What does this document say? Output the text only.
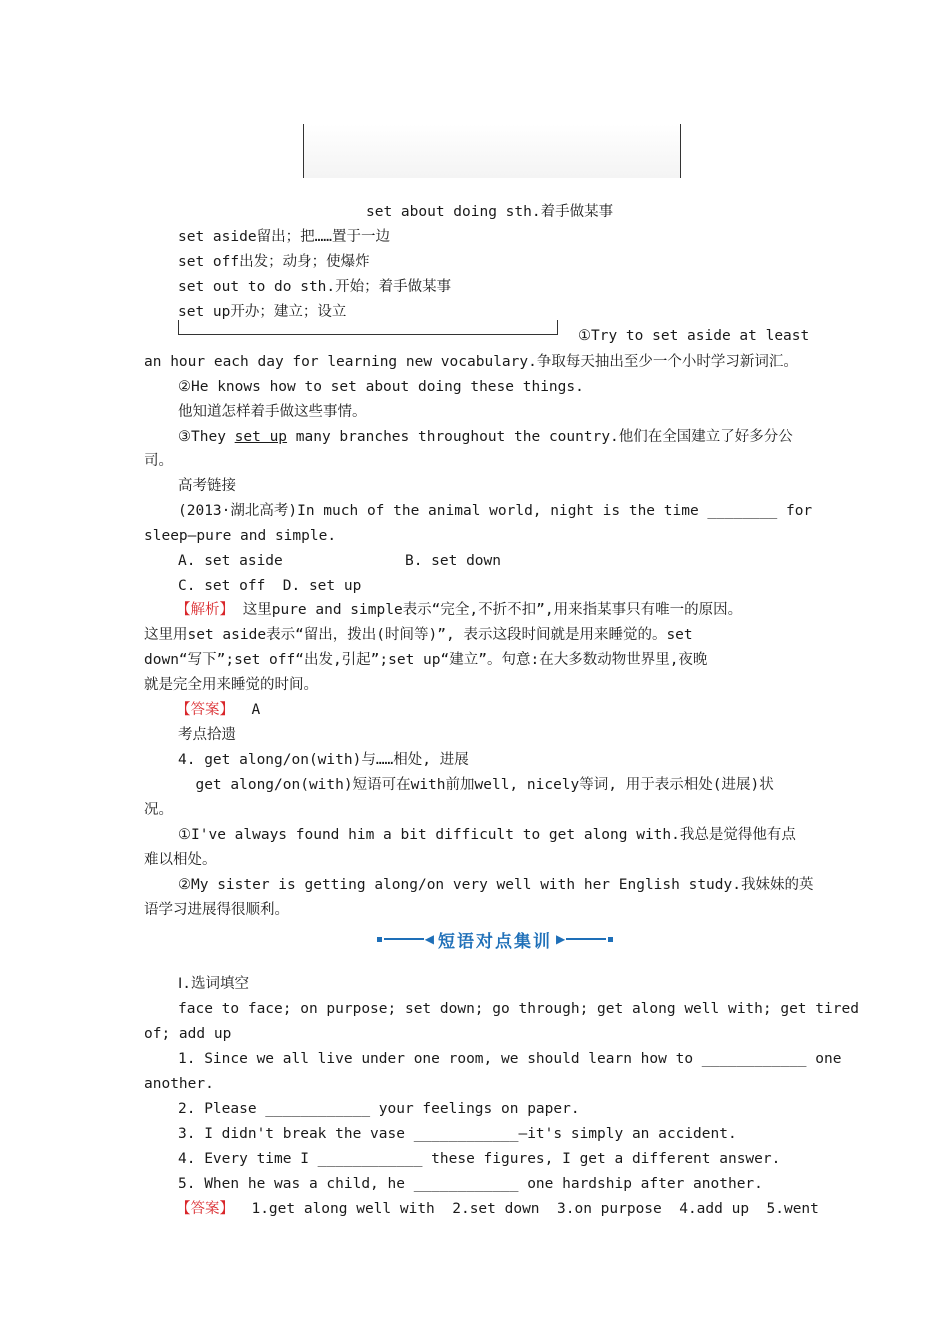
set about doing sth.着手做某事
set aside留出；把……置于一边
set off出发；动身；使爆炸
set out to do sth.开始；着手做某事
set up开办；建立；设立
①Try to set aside at least
an hour each day for learning new vocabulary.争取每天抽出至少一个小时学习新词汇。
②He knows how to set about doing these things.
他知道怎样着手做这些事情。
③They set up many branches throughout the country.他们在全国建立了好多分公
司。
高考链接
(2013·湖北高考)In much of the animal world, night is the time ________ for
sleep—pure and simple.
A. set aside              B. set down
C. set off  D. set up
【解析】 这里pure and simple表示“完全,不折不扣”,用来指某事只有唯一的原因。
这里用set aside表示“留出，拨出(时间等)”, 表示这段时间就是用来睡觉的。set
down“写下”;set off“出发,引起”;set up“建立”。句意:在大多数动物世界里,夜晚
就是完全用来睡觉的时间。
【答案】  A
考点拾遗
4. get along/on(with)与……相处, 进展
get along/on(with)短语可在with前加well, nicely等词, 用于表示相处(进展)状
况。
①I've always found him a bit difficult to get along with.我总是觉得他有点
难以相处。
②My sister is getting along/on very well with her English study.我妹妹的英
语学习进展得很顺利。
◀ 短语对点集训 ▶
Ⅰ.选词填空
face to face; on purpose; set down; go through; get along well with; get tired
of; add up
1. Since we all live under one room, we should learn how to ____________ one
another.
2. Please ____________ your feelings on paper.
3. I didn't break the vase ____________—it's simply an accident.
4. Every time I ____________ these figures, I get a different answer.
5. When he was a child, he ____________ one hardship after another.
【答案】  1.get along well with  2.set down  3.on purpose  4.add up  5.went
